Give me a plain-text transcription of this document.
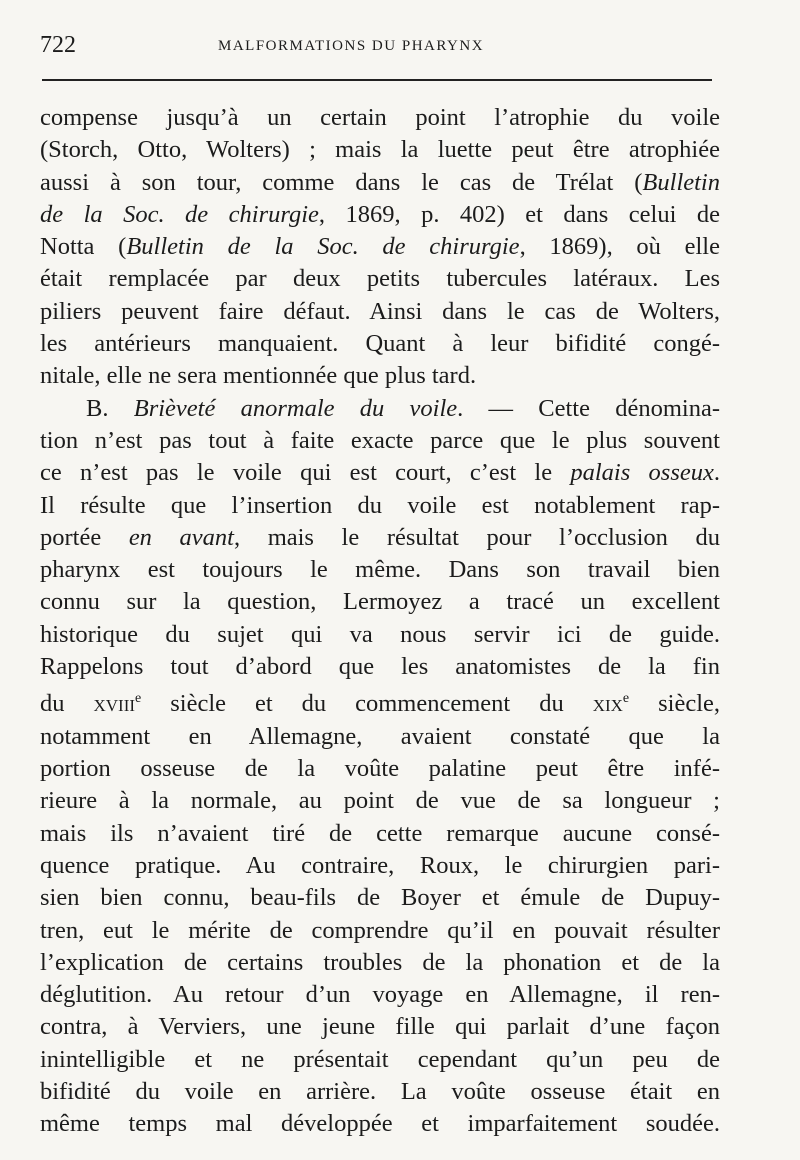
722	MALFORMATIONS DU PHARYNX
compense jusqu’à un certain point l’atrophie du voile
(Storch, Otto, Wolters) ; mais la luette peut être atrophiée
aussi à son tour, comme dans le cas de Trélat (Bulletin
de la Soc. de chirurgie, 1869, p. 402) et dans celui de
Notta (Bulletin de la Soc. de chirurgie, 1869), où elle
était remplacée par deux petits tubercules latéraux. Les
piliers peuvent faire défaut. Ainsi dans le cas de Wolters,
les antérieurs manquaient. Quant à leur bifidité congé-
nitale, elle ne sera mentionnée que plus tard.
B. Brièveté anormale du voile. — Cette dénomina-
tion n’est pas tout à faite exacte parce que le plus souvent
ce n’est pas le voile qui est court, c’est le palais osseux.
Il résulte que l’insertion du voile est notablement rap-
portée en avant, mais le résultat pour l’occlusion du
pharynx est toujours le même. Dans son travail bien
connu sur la question, Lermoyez a tracé un excellent
historique du sujet qui va nous servir ici de guide.
Rappelons tout d’abord que les anatomistes de la fin
du xviii$^e$ siècle et du commencement du xix$^e$ siècle,
notamment en Allemagne, avaient constaté que la
portion osseuse de la voûte palatine peut être infé-
rieure à la normale, au point de vue de sa longueur ;
mais ils n’avaient tiré de cette remarque aucune consé-
quence pratique. Au contraire, Roux, le chirurgien pari-
sien bien connu, beau-fils de Boyer et émule de Dupuy-
tren, eut le mérite de comprendre qu’il en pouvait résulter
l’explication de certains troubles de la phonation et de la
déglutition. Au retour d’un voyage en Allemagne, il ren-
contra, à Verviers, une jeune fille qui parlait d’une façon
inintelligible et ne présentait cependant qu’un peu de
bifidité du voile en arrière. La voûte osseuse était en
même temps mal développée et imparfaitement soudée.
